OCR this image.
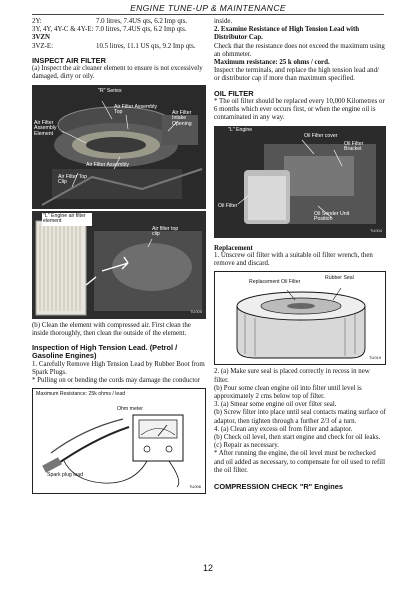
ENGINE TUNE-UP & MAINTENANCE
2Y:	7.0 litres, 7.4US qts, 6.2 Imp qts.
3Y, 4Y, 4Y-C & 4Y-E: 7.0 litres, 7.4US qts, 6.2 Imp qts.
3VZN
3VZ-E:	10.5 litres, 11.1 US qts, 9.2 Imp qts.
INSPECT AIR FILTER

(a) Inspect the air cleaner element to ensure is not excessively damaged, dirty or oily.

"R" Series
Air Filter Assembly Top
Air Filter Assembly Element
Air Filter Intake Opening
Air Filter Assembly
Air Filter Top Clip
"L" Engine air filter element
Air filter top clip
TU005

(b) Clean the element with compressed air. First clean the inside thoroughly, then clean the outside of the element.

Inspection of High Tension Lead. (Petrol / Gasoline Engines)

1. Carefully Remove High Tension Lead by Rubber Boot from Spark Plugs.

* Pulling on or bending the cords may damage the conductor

Maximum Resistance: 25k ohms / lead
Ohm meter
Spark plug lead
TU006

inside.

2. Examine Resistance of High Tension Lead with Distributor Cap.

Check that the resistance does not exceed the maximum using an ohmmeter.

Maximum resistance: 25 k ohms / cord.

Inspect the terminals, and replace the high tension lead and/ or distributor cap if more than maximum specified.

OIL FILTER

* The oil filter should be replaced every 10,000 Kilometres or 6 months which ever occurs first, or when the engine oil is contaminated in any way.

"L" Engine
Oil Filter cover
Oil Filter Bracket
Oil Filter
Oil Sender Unit Position
TU004
Replacement

1. Unscrew oil filter with a suitable oil filter wrench, then remove and discard.

Replacement Oil Filter
Rubber Seal
TU019

2. (a) Make sure seal is placed correctly in recess in new filter.

(b) Pour some clean engine oil into filter until level is approximately 2 cms below top of filter.

3. (a) Smear some engine oil over filter seal.

(b) Screw filter into place until seal contacts mating surface of adaptor, then tighten through a further 2/3 of a turn.

4. (a) Clean any excess oil from filter and adaptor.

(b) Check oil level, then start engine and check for oil leaks.

(c) Repair as necessary.

* After running the engine, the oil level must be rechecked and oil added as necessary, to compensate for oil used to refill the oil filter.

COMPRESSION CHECK "R" Engines
12
